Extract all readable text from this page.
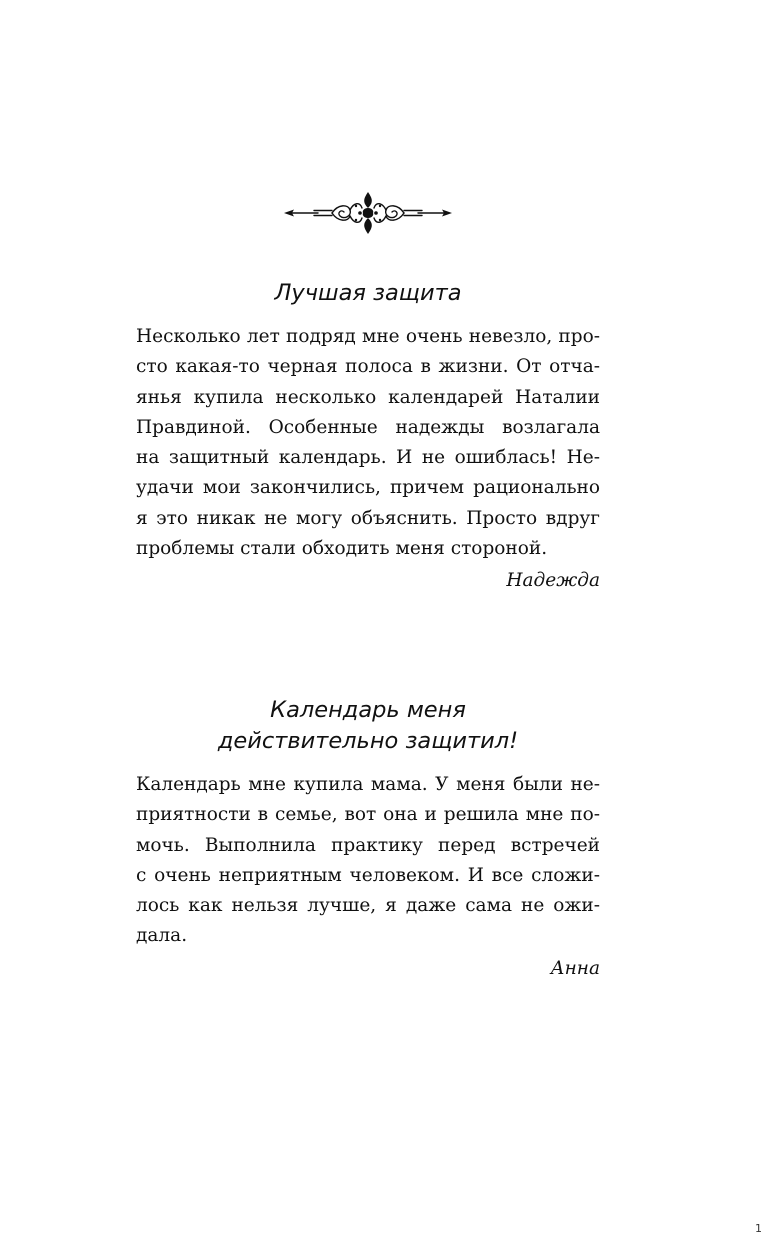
Лучшая защита

Несколько лет подряд мне очень невезло, про-
сто какая-то черная полоса в жизни. От отча-
янья купила несколько календарей Наталии
Правдиной. Особенные надежды возлагала
на защитный календарь. И не ошиблась! Не-
удачи мои закончились, причем рационально
я это никак не могу объяснить. Просто вдруг
проблемы стали обходить меня стороной.

Надежда
Календарь меня
действительно защитил!

Календарь мне купила мама. У меня были не-
приятности в семье, вот она и решила мне по-
мочь. Выполнила практику перед встречей
с очень неприятным человеком. И все сложи-
лось как нельзя лучше, я даже сама не ожи-
дала.

Анна
1
